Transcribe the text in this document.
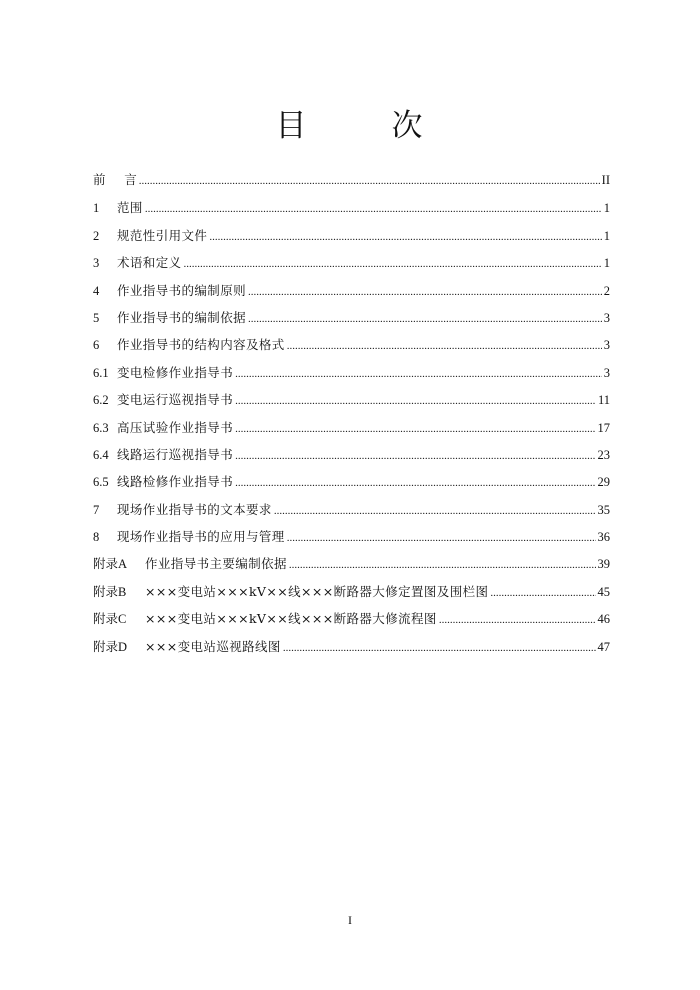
目       次
前      言 .....	II
1	范围 .....	1
2	规范性引用文件 .....	1
3	术语和定义 .....	1
4	作业指导书的编制原则 .....	2
5	作业指导书的编制依据 .....	3
6	作业指导书的结构内容及格式 .....	3
6.1 变电检修作业指导书 .....	3
6.2 变电运行巡视指导书 .....	11
6.3 高压试验作业指导书 .....	17
6.4 线路运行巡视指导书 .....	23
6.5 线路检修作业指导书 .....	29
7	现场作业指导书的文本要求 .....	35
8	现场作业指导书的应用与管理 .....	36
附录A	作业指导书主要编制依据 .....	39
附录B	×××变电站×××kV××线×××断路器大修定置图及围栏图 .....	45
附录C	×××变电站×××kV××线×××断路器大修流程图 .....	46
附录D	×××变电站巡视路线图 .....	47
I
